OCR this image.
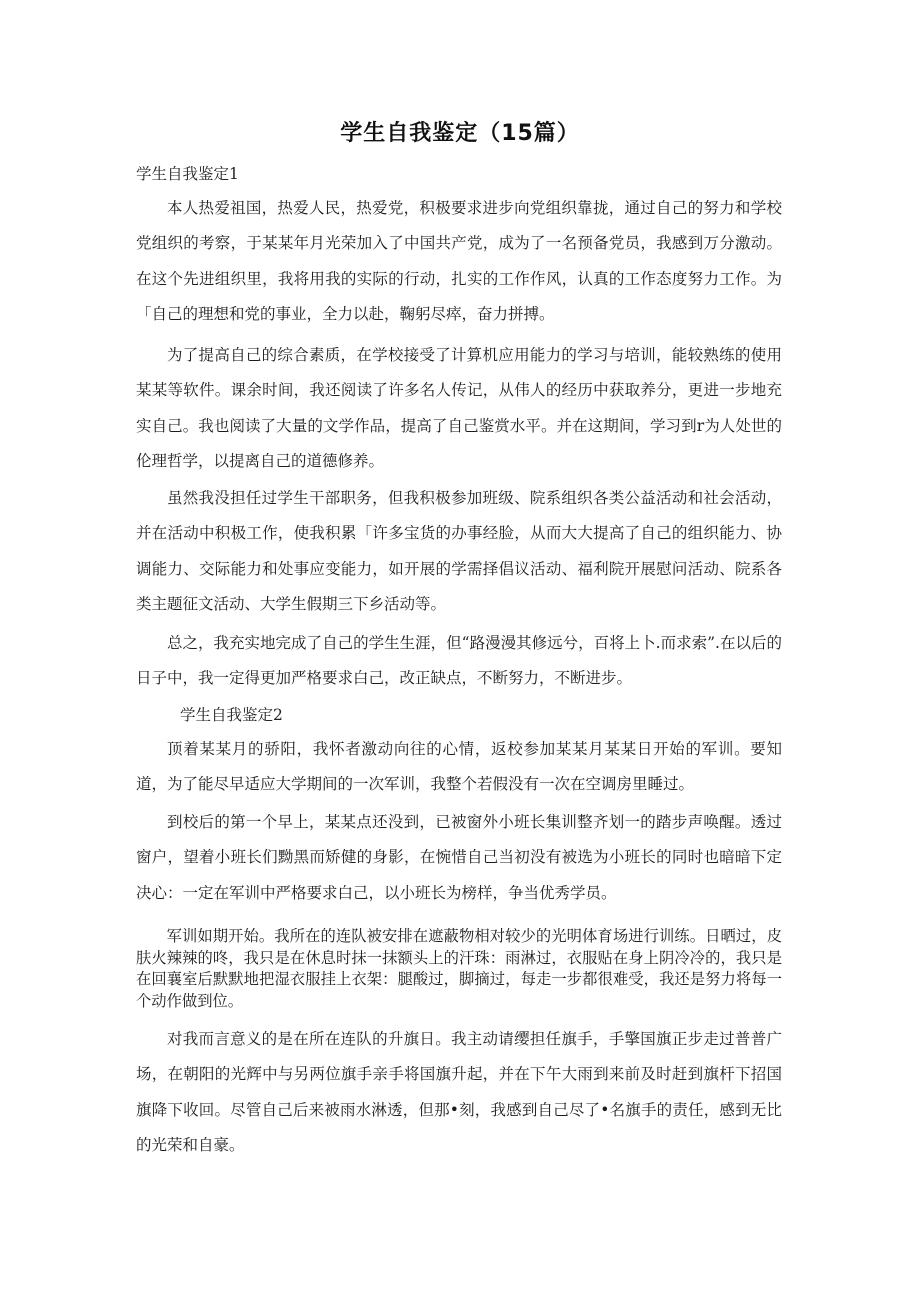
学生自我鉴定（15篇）

学生自我鉴定1

本人热爱祖国，热爱人民，热爱党，积极要求进步向党组织靠拢，通过自己的努力和学校党组织的考察，于某某年月光荣加入了中国共产党，成为了一名预备党员，我感到万分激动。在这个先进组织里，我将用我的实际的行动，扎实的工作作风，认真的工作态度努力工作。为「自己的理想和党的事业，全力以赴，鞠躬尽瘁，奋力拼搏。

为了提高自己的综合素质，在学校接受了计算机应用能力的学习与培训，能较熟练的使用某某等软件。课余时间，我还阅读了许多名人传记，从伟人的经历中获取养分，更进一步地充实自己。我也阅读了大量的文学作品，提高了自己鉴赏水平。并在这期间，学习到r为人处世的伦理哲学，以提离自己的道德修养。

虽然我没担任过学生干部职务，但我积极参加班级、院系组织各类公益活动和社会活动，并在活动中积极工作，使我积累「许多宝货的办事经脸，从而大大提高了自己的组织能力、协调能力、交际能力和处事应变能力，如开展的学需择倡议活动、福利院开展慰问活动、院系各类主题征文活动、大学生假期三下乡活动等。

总之，我充实地完成了自己的学生生涯，但“路漫漫其修远兮，百将上卜.而求索”.在以后的日子中，我一定得更加严格要求白己，改正缺点，不断努力，不断进步。

学生自我鉴定2

顶着某某月的骄阳，我怀者激动向往的心情，返校参加某某月某某日开始的军训。要知道，为了能尽早适应大学期间的一次军训，我整个若假没有一次在空调房里睡过。

到校后的第一个早上，某某点还没到，已被窗外小班长集训整齐划一的踏步声唤醒。透过窗户，望着小班长们黝黑而矫健的身影，在惋惜自己当初没有被选为小班长的同时也暗暗下定决心：一定在军训中严格要求白己，以小班长为榜样，争当优秀学员。

军训如期开始。我所在的连队被安排在遮蔽物相对较少的光明体育场进行训练。日晒过，皮肤火辣辣的咚，我只是在休息时抹一抹额头上的汗珠：雨淋过，衣服贴在身上阴冷冷的，我只是在回襄室后默默地把湿衣服挂上衣架：腿酸过，脚摘过，每走一步都很难受，我还是努力将每一个动作做到位。

对我而言意义的是在所在连队的升旗日。我主动请缨担任旗手，手擎国旗正步走过普普广场，在朝阳的光辉中与另两位旗手亲手将国旗升起，并在下午大雨到来前及时赶到旗杆下招国旗降下收回。尽管自己后来被雨水淋透，但那•刻，我感到自己尽了•名旗手的责任，感到无比的光荣和自豪。
